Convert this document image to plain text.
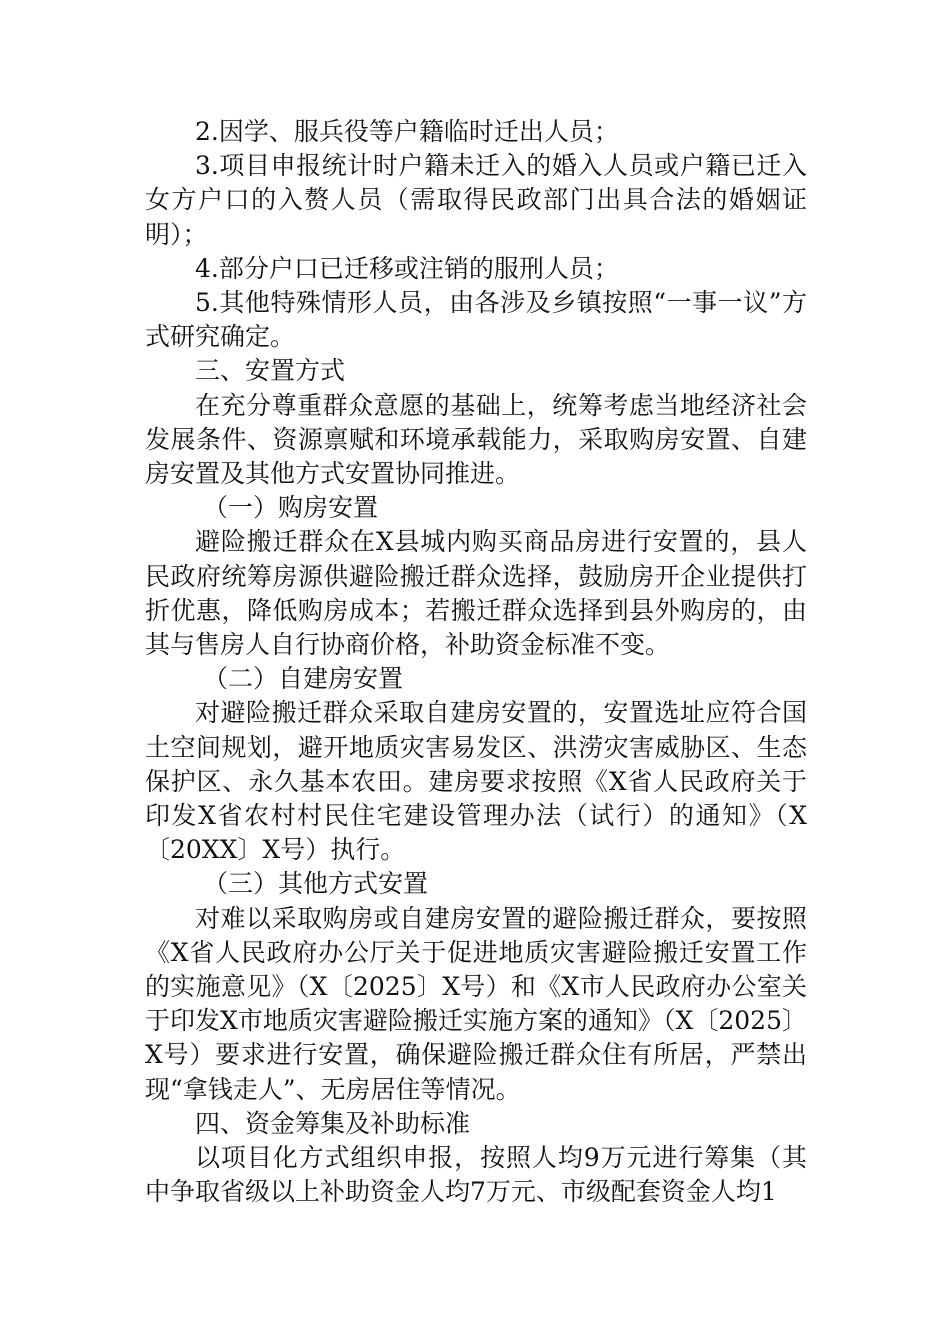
2.因学、服兵役等户籍临时迁出人员；

3.项目申报统计时户籍未迁入的婚入人员或户籍已迁入女方户口的入赘人员（需取得民政部门出具合法的婚姻证明）；

4.部分户口已迁移或注销的服刑人员；

5.其他特殊情形人员，由各涉及乡镇按照“一事一议”方式研究确定。

三、安置方式

在充分尊重群众意愿的基础上，统筹考虑当地经济社会发展条件、资源禀赋和环境承载能力，采取购房安置、自建房安置及其他方式安置协同推进。

（一）购房安置

避险搬迁群众在X县城内购买商品房进行安置的，县人民政府统筹房源供避险搬迁群众选择，鼓励房开企业提供打折优惠，降低购房成本；若搬迁群众选择到县外购房的，由其与售房人自行协商价格，补助资金标准不变。

（二）自建房安置

对避险搬迁群众采取自建房安置的，安置选址应符合国土空间规划，避开地质灾害易发区、洪涝灾害威胁区、生态保护区、永久基本农田。建房要求按照《X省人民政府关于印发X省农村村民住宅建设管理办法（试行）的通知》（X〔20XX〕X号）执行。

（三）其他方式安置

对难以采取购房或自建房安置的避险搬迁群众，要按照《X省人民政府办公厅关于促进地质灾害避险搬迁安置工作的实施意见》（X〔2025〕X号）和《X市人民政府办公室关于印发X市地质灾害避险搬迁实施方案的通知》（X〔2025〕X号）要求进行安置，确保避险搬迁群众住有所居，严禁出现“拿钱走人”、无房居住等情况。

四、资金筹集及补助标准

以项目化方式组织申报，按照人均9万元进行筹集（其中争取省级以上补助资金人均7万元、市级配套资金人均1
